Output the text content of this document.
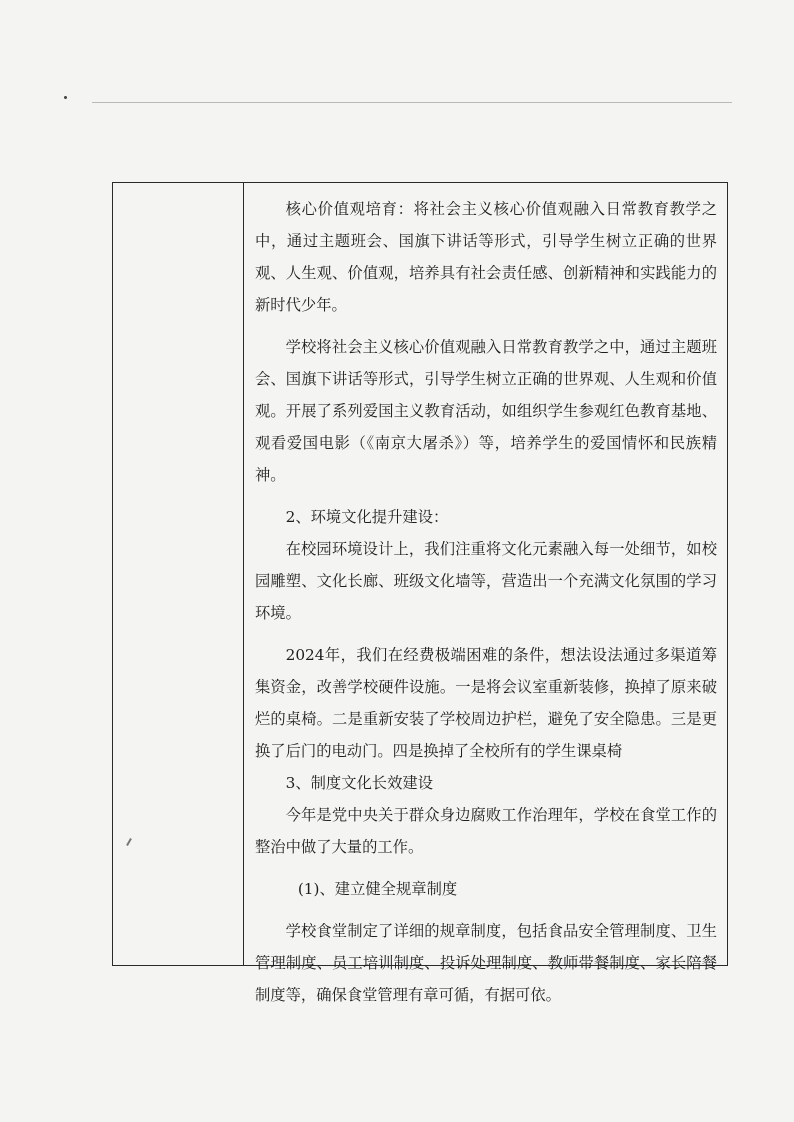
核心价值观培育：将社会主义核心价值观融入日常教育教学之中，通过主题班会、国旗下讲话等形式，引导学生树立正确的世界观、人生观、价值观，培养具有社会责任感、创新精神和实践能力的新时代少年。

学校将社会主义核心价值观融入日常教育教学之中，通过主题班会、国旗下讲话等形式，引导学生树立正确的世界观、人生观和价值观。开展了系列爱国主义教育活动，如组织学生参观红色教育基地、观看爱国电影（《南京大屠杀》）等，培养学生的爱国情怀和民族精神。

2、环境文化提升建设：

在校园环境设计上，我们注重将文化元素融入每一处细节，如校园雕塑、文化长廊、班级文化墙等，营造出一个充满文化氛围的学习环境。

2024年，我们在经费极端困难的条件，想法设法通过多渠道筹集资金，改善学校硬件设施。一是将会议室重新装修，换掉了原来破烂的桌椅。二是重新安装了学校周边护栏，避免了安全隐患。三是更换了后门的电动门。四是换掉了全校所有的学生课桌椅

3、制度文化长效建设

今年是党中央关于群众身边腐败工作治理年，学校在食堂工作的整治中做了大量的工作。

(1)、建立健全规章制度

学校食堂制定了详细的规章制度，包括食品安全管理制度、卫生管理制度、员工培训制度、投诉处理制度、教师带餐制度、家长陪餐制度等，确保食堂管理有章可循，有据可依。
